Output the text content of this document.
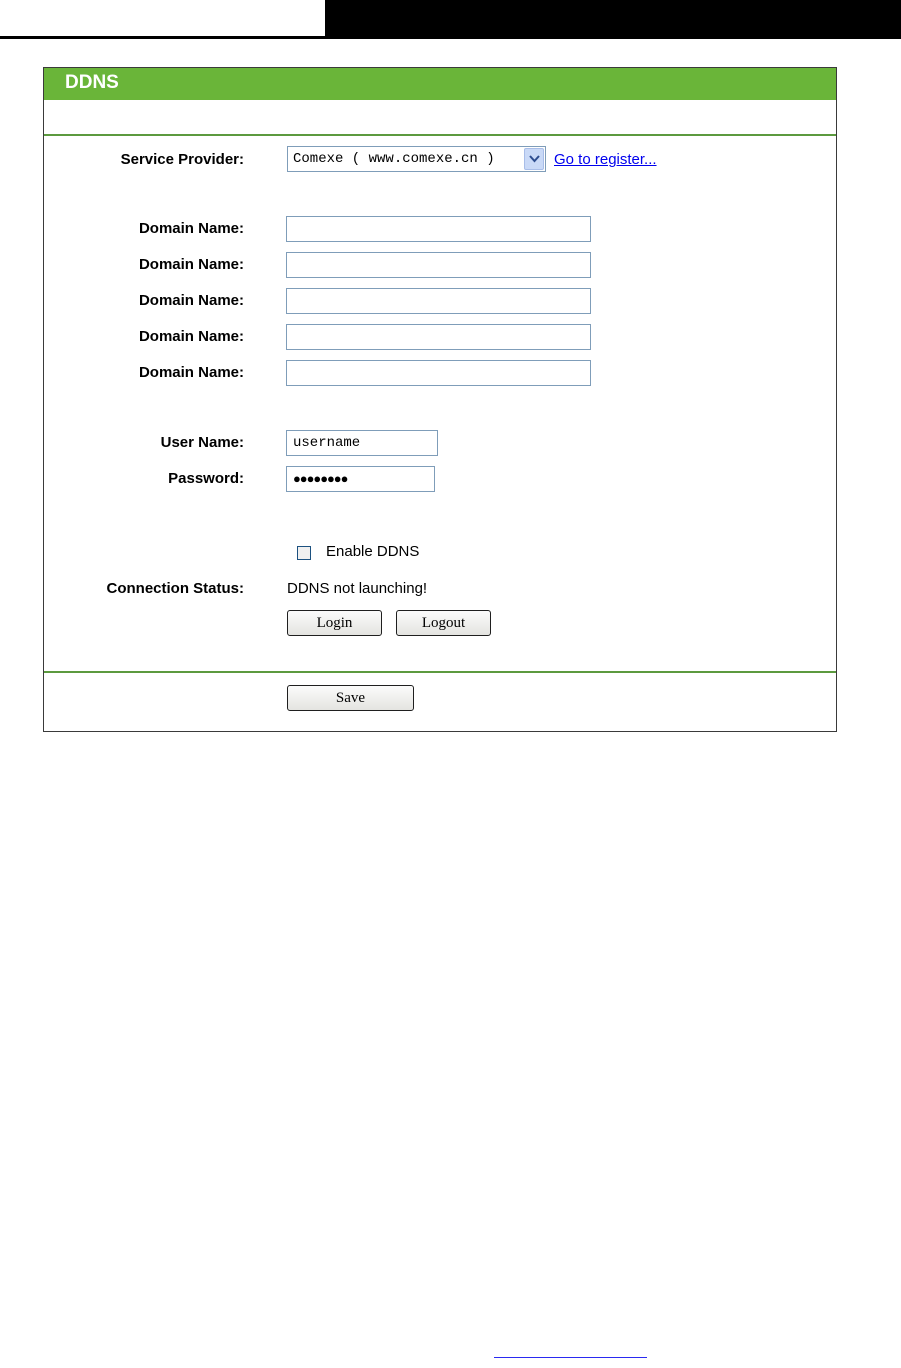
DDNS
Service Provider:	Comexe ( www.comexe.cn )	Go to register...
Domain Name:
Domain Name:
Domain Name:
Domain Name:
Domain Name:
User Name:	username
Password:	●●●●●●●●
Enable DDNS
Connection Status:	DDNS not launching!
Login	Logout
Save
